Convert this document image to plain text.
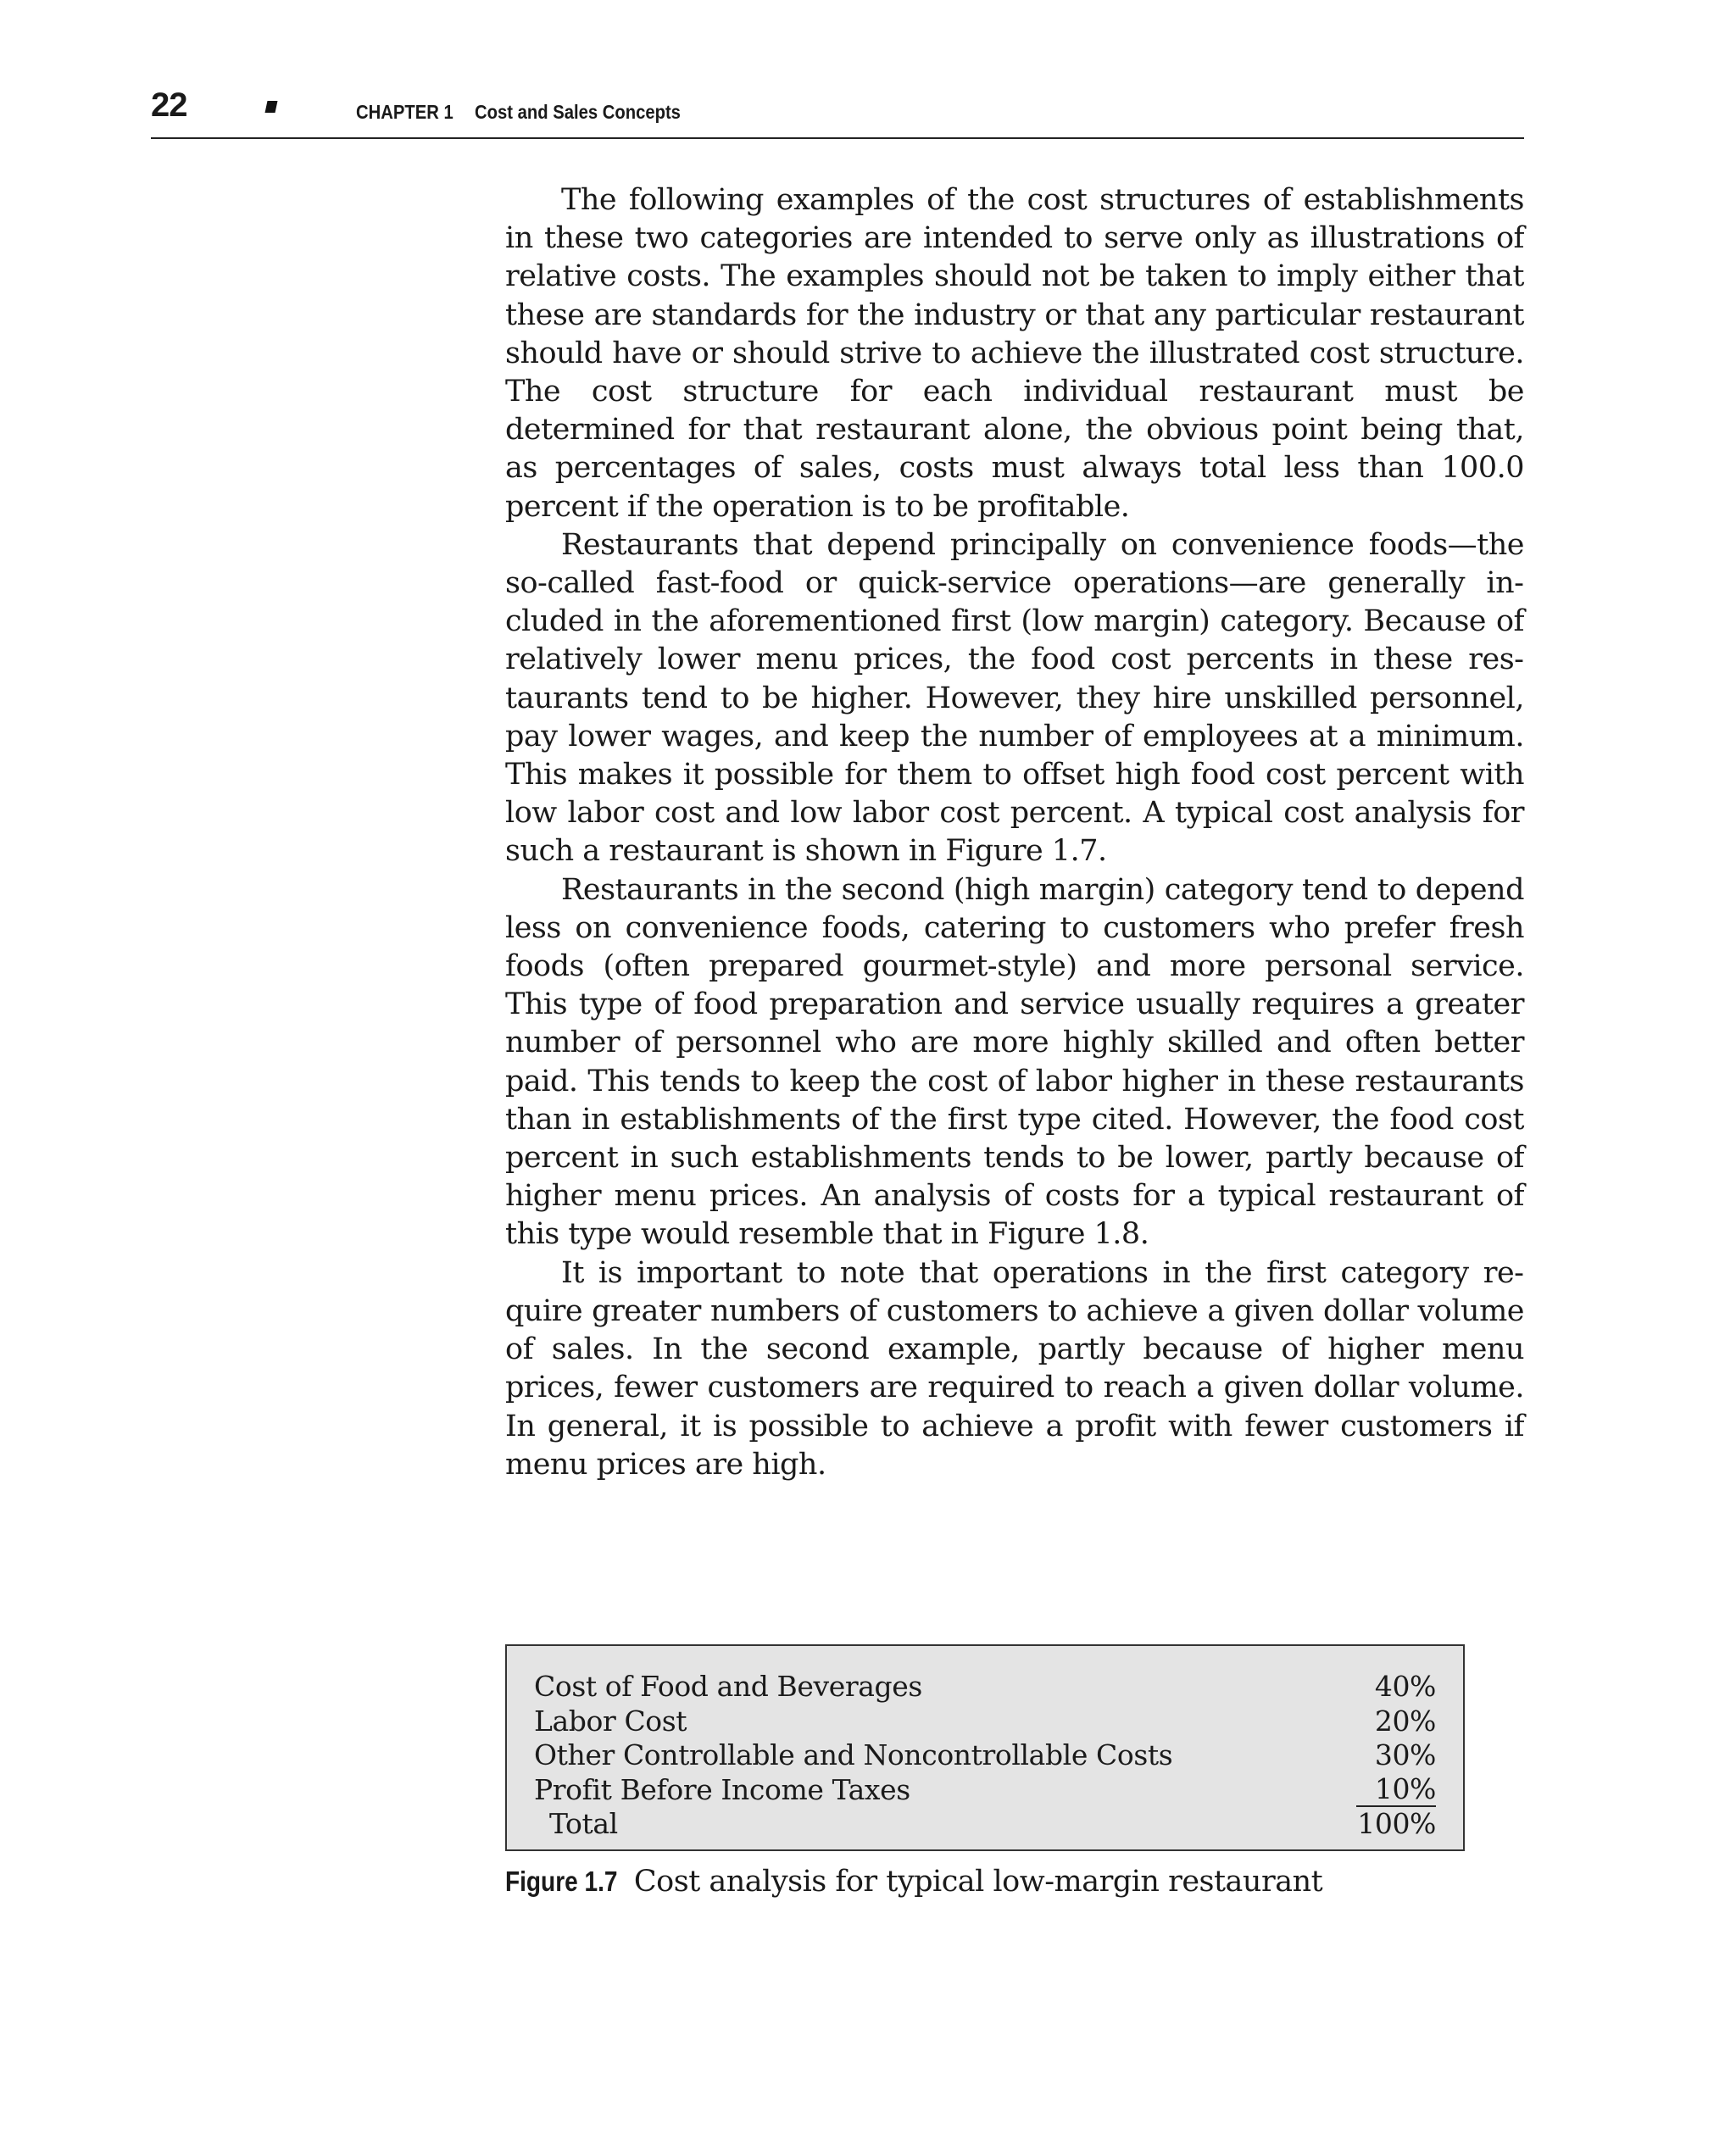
22	CHAPTER 1 Cost and Sales Concepts

The following examples of the cost structures of establishments in these two categories are intended to serve only as illustrations of relative costs. The examples should not be taken to imply either that these are standards for the industry or that any particular restaurant should have or should strive to achieve the illustrated cost structure. The cost structure for each individual restaurant must be determined for that restaurant alone, the obvious point being that, as percentages of sales, costs must always total less than 100.0 percent if the operation is to be profitable.

Restaurants that depend principally on convenience foods—the so-called fast-food or quick-service operations—are generally included in the aforementioned first (low margin) category. Because of relatively lower menu prices, the food cost percents in these restaurants tend to be higher. However, they hire unskilled personnel, pay lower wages, and keep the number of employees at a minimum. This makes it possible for them to offset high food cost percent with low labor cost and low labor cost percent. A typical cost analysis for such a restaurant is shown in Figure 1.7.

Restaurants in the second (high margin) category tend to depend less on convenience foods, catering to customers who prefer fresh foods (often prepared gourmet-style) and more personal service. This type of food preparation and service usually requires a greater number of personnel who are more highly skilled and often better paid. This tends to keep the cost of labor higher in these restaurants than in establishments of the first type cited. However, the food cost percent in such establishments tends to be lower, partly because of higher menu prices. An analysis of costs for a typical restaurant of this type would resemble that in Figure 1.8.

It is important to note that operations in the first category require greater numbers of customers to achieve a given dollar volume of sales. In the second example, partly because of higher menu prices, fewer customers are required to reach a given dollar volume. In general, it is possible to achieve a profit with fewer customers if menu prices are high.

Cost of Food and Beverages	40%
Labor Cost	20%
Other Controllable and Noncontrollable Costs	30%
Profit Before Income Taxes	10%
Total	100%
Figure 1.7 Cost analysis for typical low-margin restaurant
